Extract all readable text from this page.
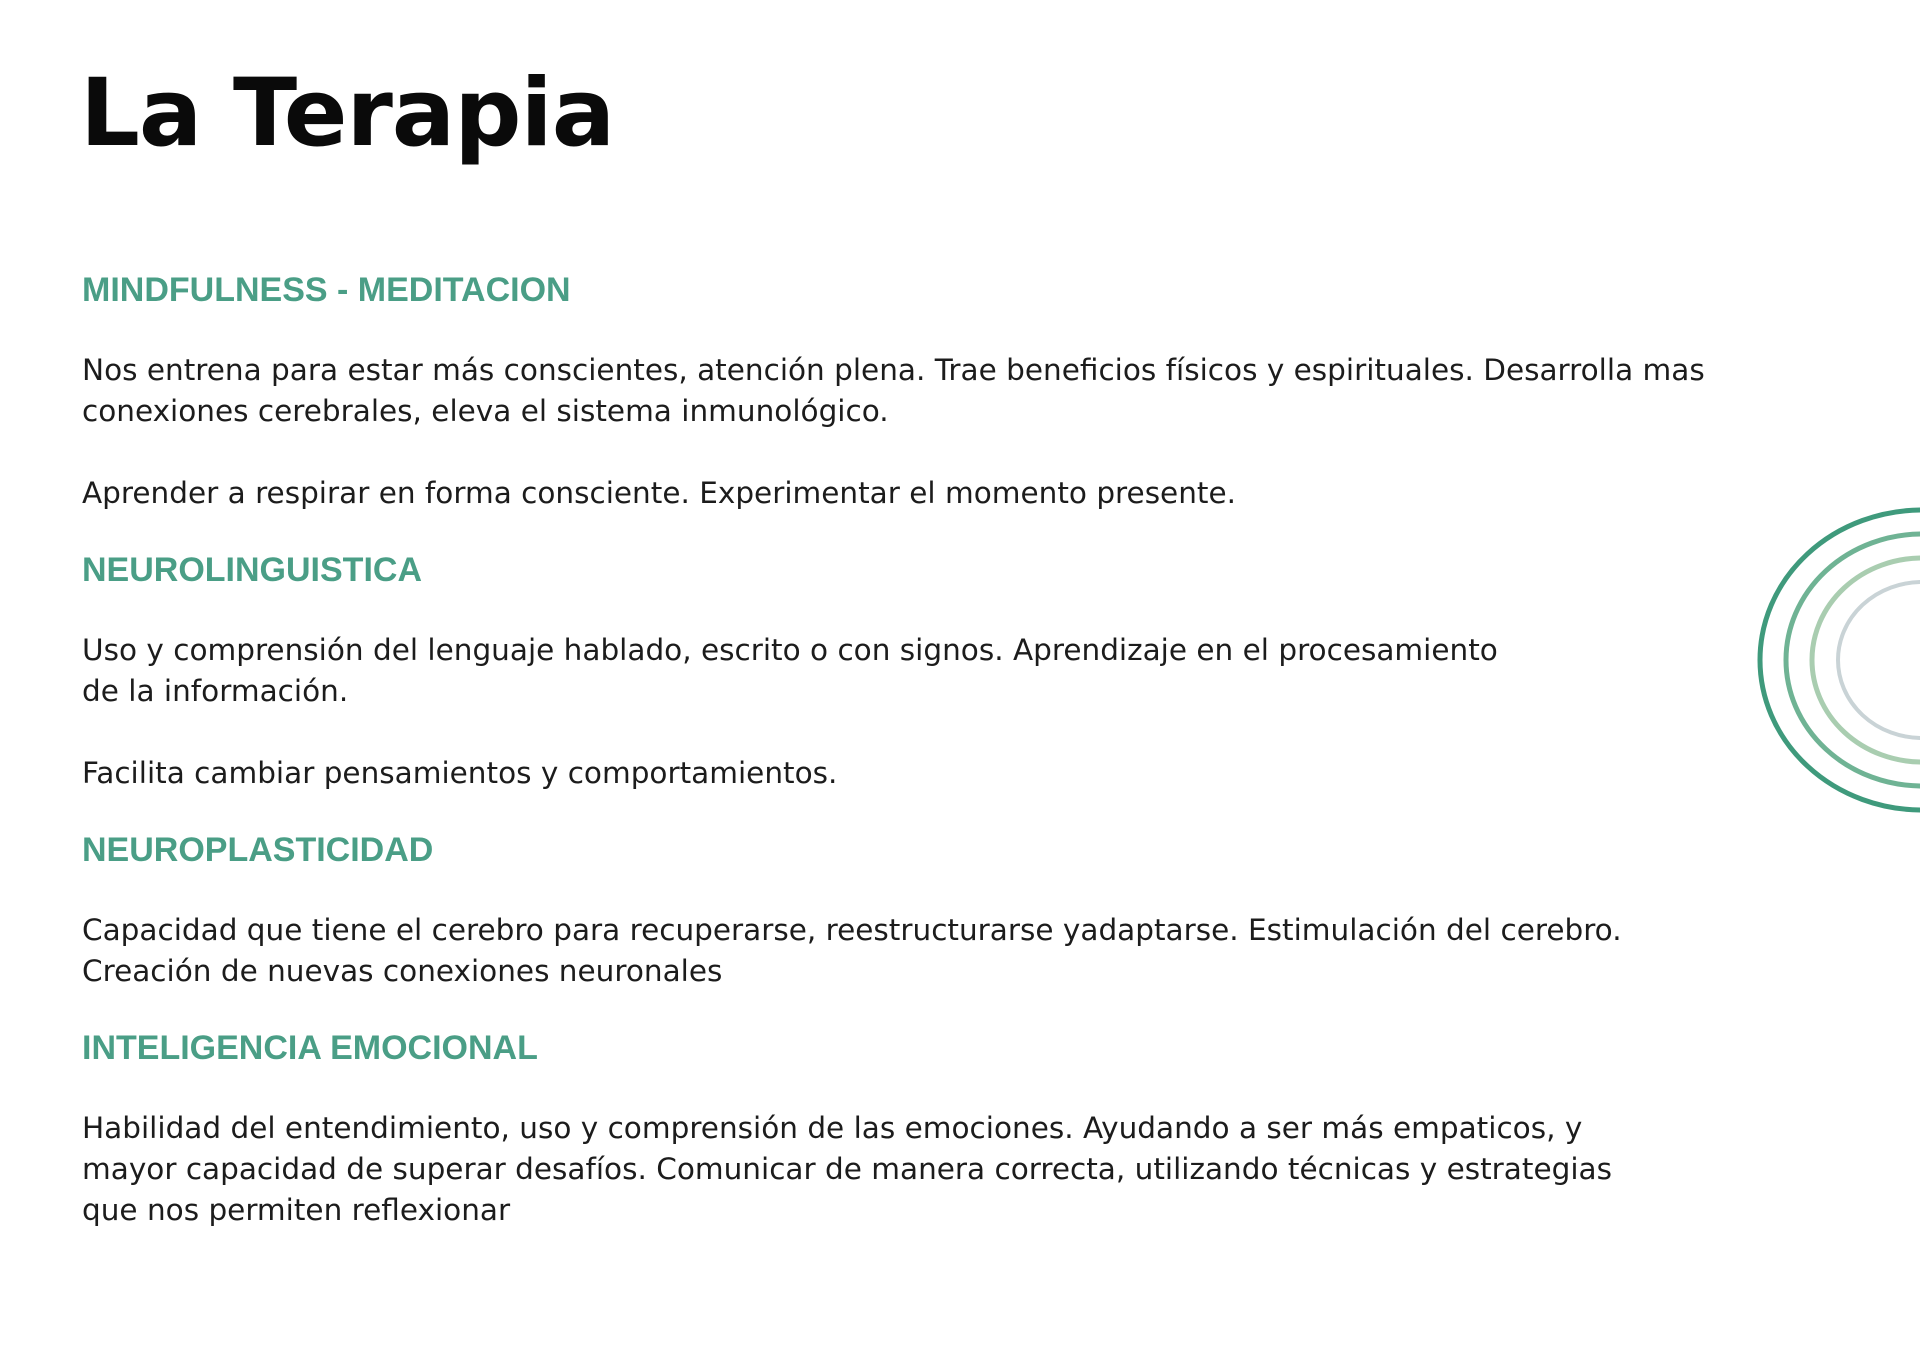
La Terapia
MINDFULNESS - MEDITACION

Nos entrena para estar más conscientes, atención plena. Trae beneficios físicos y espirituales. Desarrolla mas conexiones cerebrales, eleva el sistema inmunológico.

Aprender a respirar en forma consciente. Experimentar el momento presente.

NEUROLINGUISTICA

Uso y comprensión del lenguaje hablado, escrito o con signos. Aprendizaje en el procesamiento de la información.

Facilita cambiar pensamientos y comportamientos.

NEUROPLASTICIDAD

Capacidad que tiene el cerebro para recuperarse, reestructurarse yadaptarse. Estimulación del cerebro. Creación de nuevas conexiones neuronales

INTELIGENCIA EMOCIONAL

Habilidad del entendimiento, uso y comprensión de las emociones. Ayudando a ser más empaticos, y mayor capacidad de superar desafíos. Comunicar de manera correcta, utilizando técnicas y estrategias que nos permiten reflexionar
